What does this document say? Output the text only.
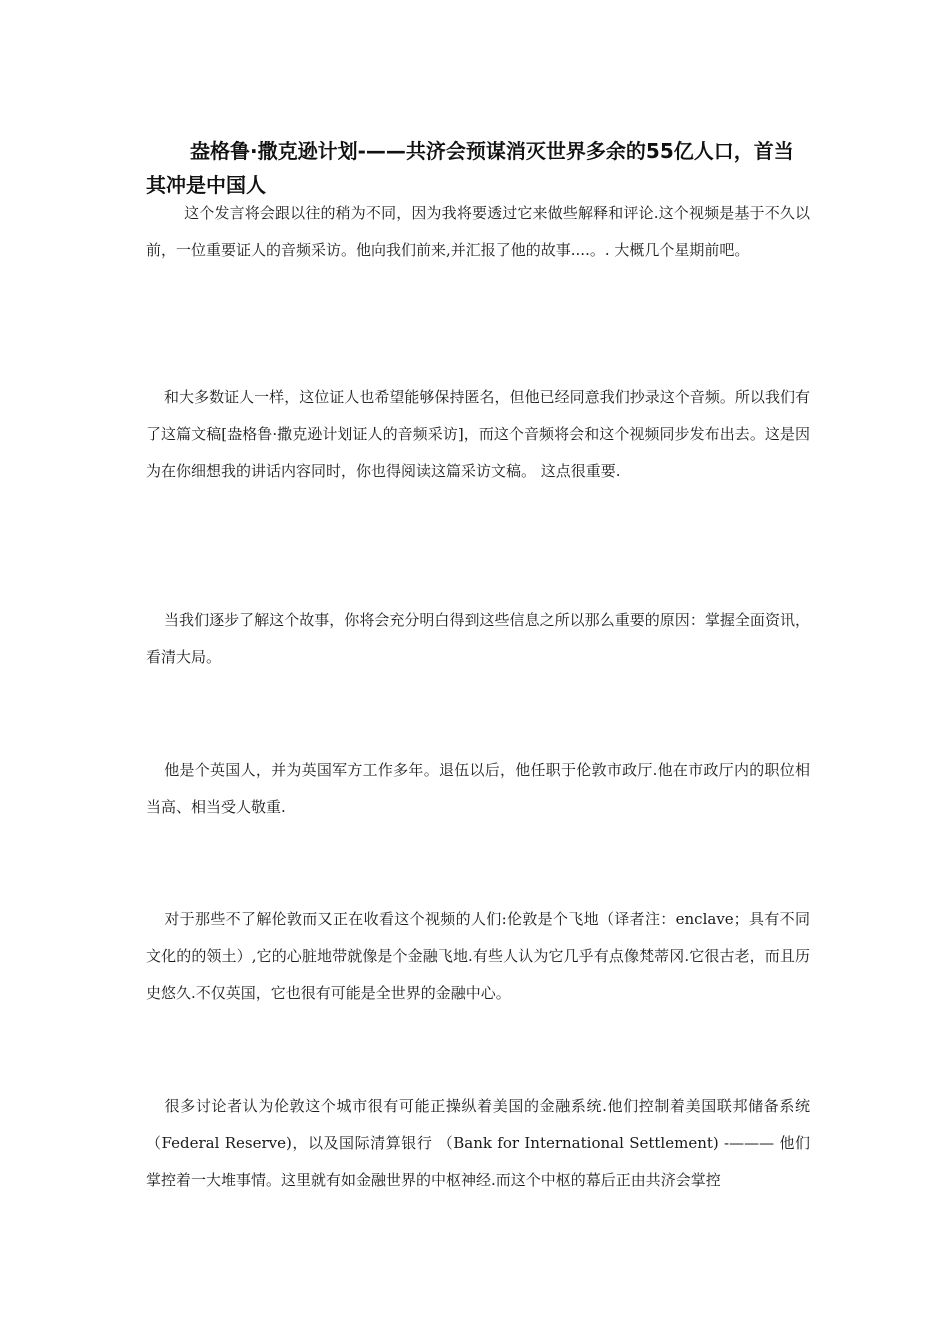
盎格鲁·撒克逊计划-——共济会预谋消灭世界多余的55亿人口，首当其冲是中国人

这个发言将会跟以往的稍为不同，因为我将要透过它来做些解释和评论.这个视频是基于不久以前，一位重要证人的音频采访。他向我们前来,并汇报了他的故事....。. 大概几个星期前吧。

和大多数证人一样，这位证人也希望能够保持匿名，但他已经同意我们抄录这个音频。所以我们有了这篇文稿[盎格鲁·撒克逊计划证人的音频采访]，而这个音频将会和这个视频同步发布出去。这是因为在你细想我的讲话内容同时，你也得阅读这篇采访文稿。 这点很重要.

当我们逐步了解这个故事，你将会充分明白得到这些信息之所以那么重要的原因：掌握全面资讯，看清大局。

他是个英国人，并为英国军方工作多年。退伍以后，他任职于伦敦市政厅.他在市政厅内的职位相当高、相当受人敬重.

对于那些不了解伦敦而又正在收看这个视频的人们:伦敦是个飞地（译者注：enclave；具有不同文化的的领土）,它的心脏地带就像是个金融飞地.有些人认为它几乎有点像梵蒂冈.它很古老，而且历史悠久.不仅英国，它也很有可能是全世界的金融中心。

很多讨论者认为伦敦这个城市很有可能正操纵着美国的金融系统.他们控制着美国联邦储备系统（Federal Reserve)，以及国际清算银行 （Bank for International Settlement) -——— 他们掌控着一大堆事情。这里就有如金融世界的中枢神经.而这个中枢的幕后正由共济会掌控
